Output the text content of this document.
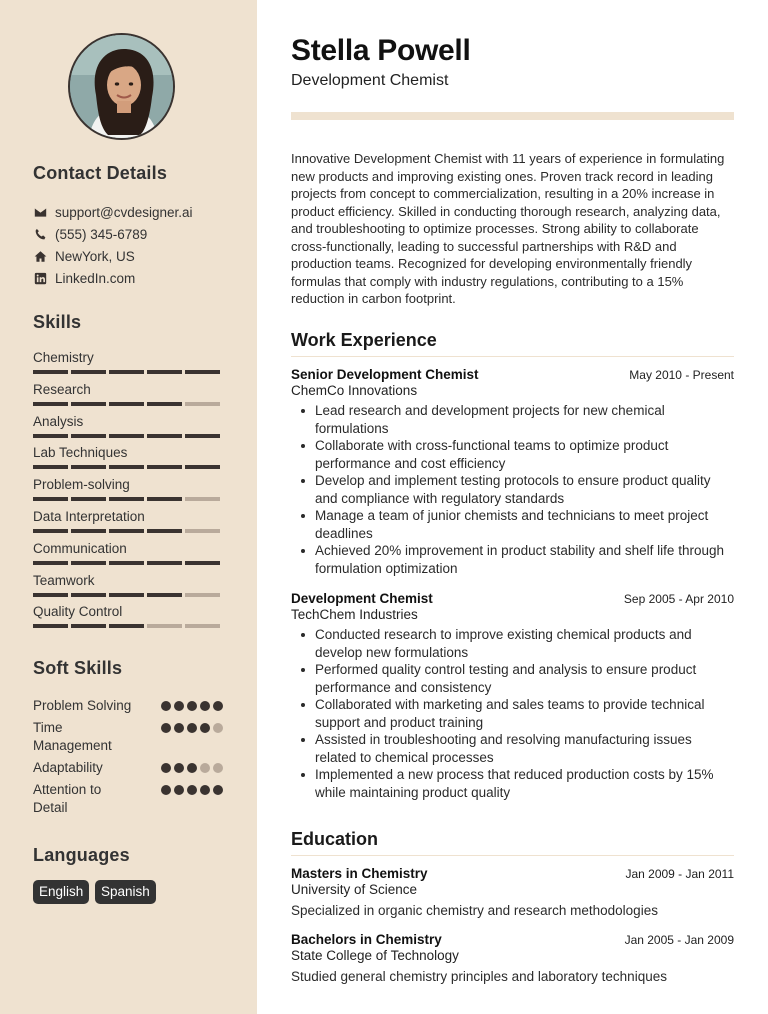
Contact Details
support@cvdesigner.ai
(555) 345-6789
NewYork, US
LinkedIn.com
Skills
Chemistry
Research
Analysis
Lab Techniques
Problem-solving
Data Interpretation
Communication
Teamwork
Quality Control
Soft Skills
Problem Solving
Time Management
Adaptability
Attention to Detail
Languages
English	Spanish
Stella Powell
Development Chemist
Innovative Development Chemist with 11 years of experience in formulating new products and improving existing ones. Proven track record in leading projects from concept to commercialization, resulting in a 20% increase in product efficiency. Skilled in conducting thorough research, analyzing data, and troubleshooting to optimize processes. Strong ability to collaborate cross-functionally, leading to successful partnerships with R&D and production teams. Recognized for developing environmentally friendly formulas that comply with industry regulations, contributing to a 15% reduction in carbon footprint.
Work Experience
Senior Development Chemist	May 2010 - Present
ChemCo Innovations
Lead research and development projects for new chemical formulations
Collaborate with cross-functional teams to optimize product performance and cost efficiency
Develop and implement testing protocols to ensure product quality and compliance with regulatory standards
Manage a team of junior chemists and technicians to meet project deadlines
Achieved 20% improvement in product stability and shelf life through formulation optimization
Development Chemist	Sep 2005 - Apr 2010
TechChem Industries
Conducted research to improve existing chemical products and develop new formulations
Performed quality control testing and analysis to ensure product performance and consistency
Collaborated with marketing and sales teams to provide technical support and product training
Assisted in troubleshooting and resolving manufacturing issues related to chemical processes
Implemented a new process that reduced production costs by 15% while maintaining product quality
Education
Masters in Chemistry	Jan 2009 - Jan 2011
University of Science
Specialized in organic chemistry and research methodologies
Bachelors in Chemistry	Jan 2005 - Jan 2009
State College of Technology
Studied general chemistry principles and laboratory techniques
